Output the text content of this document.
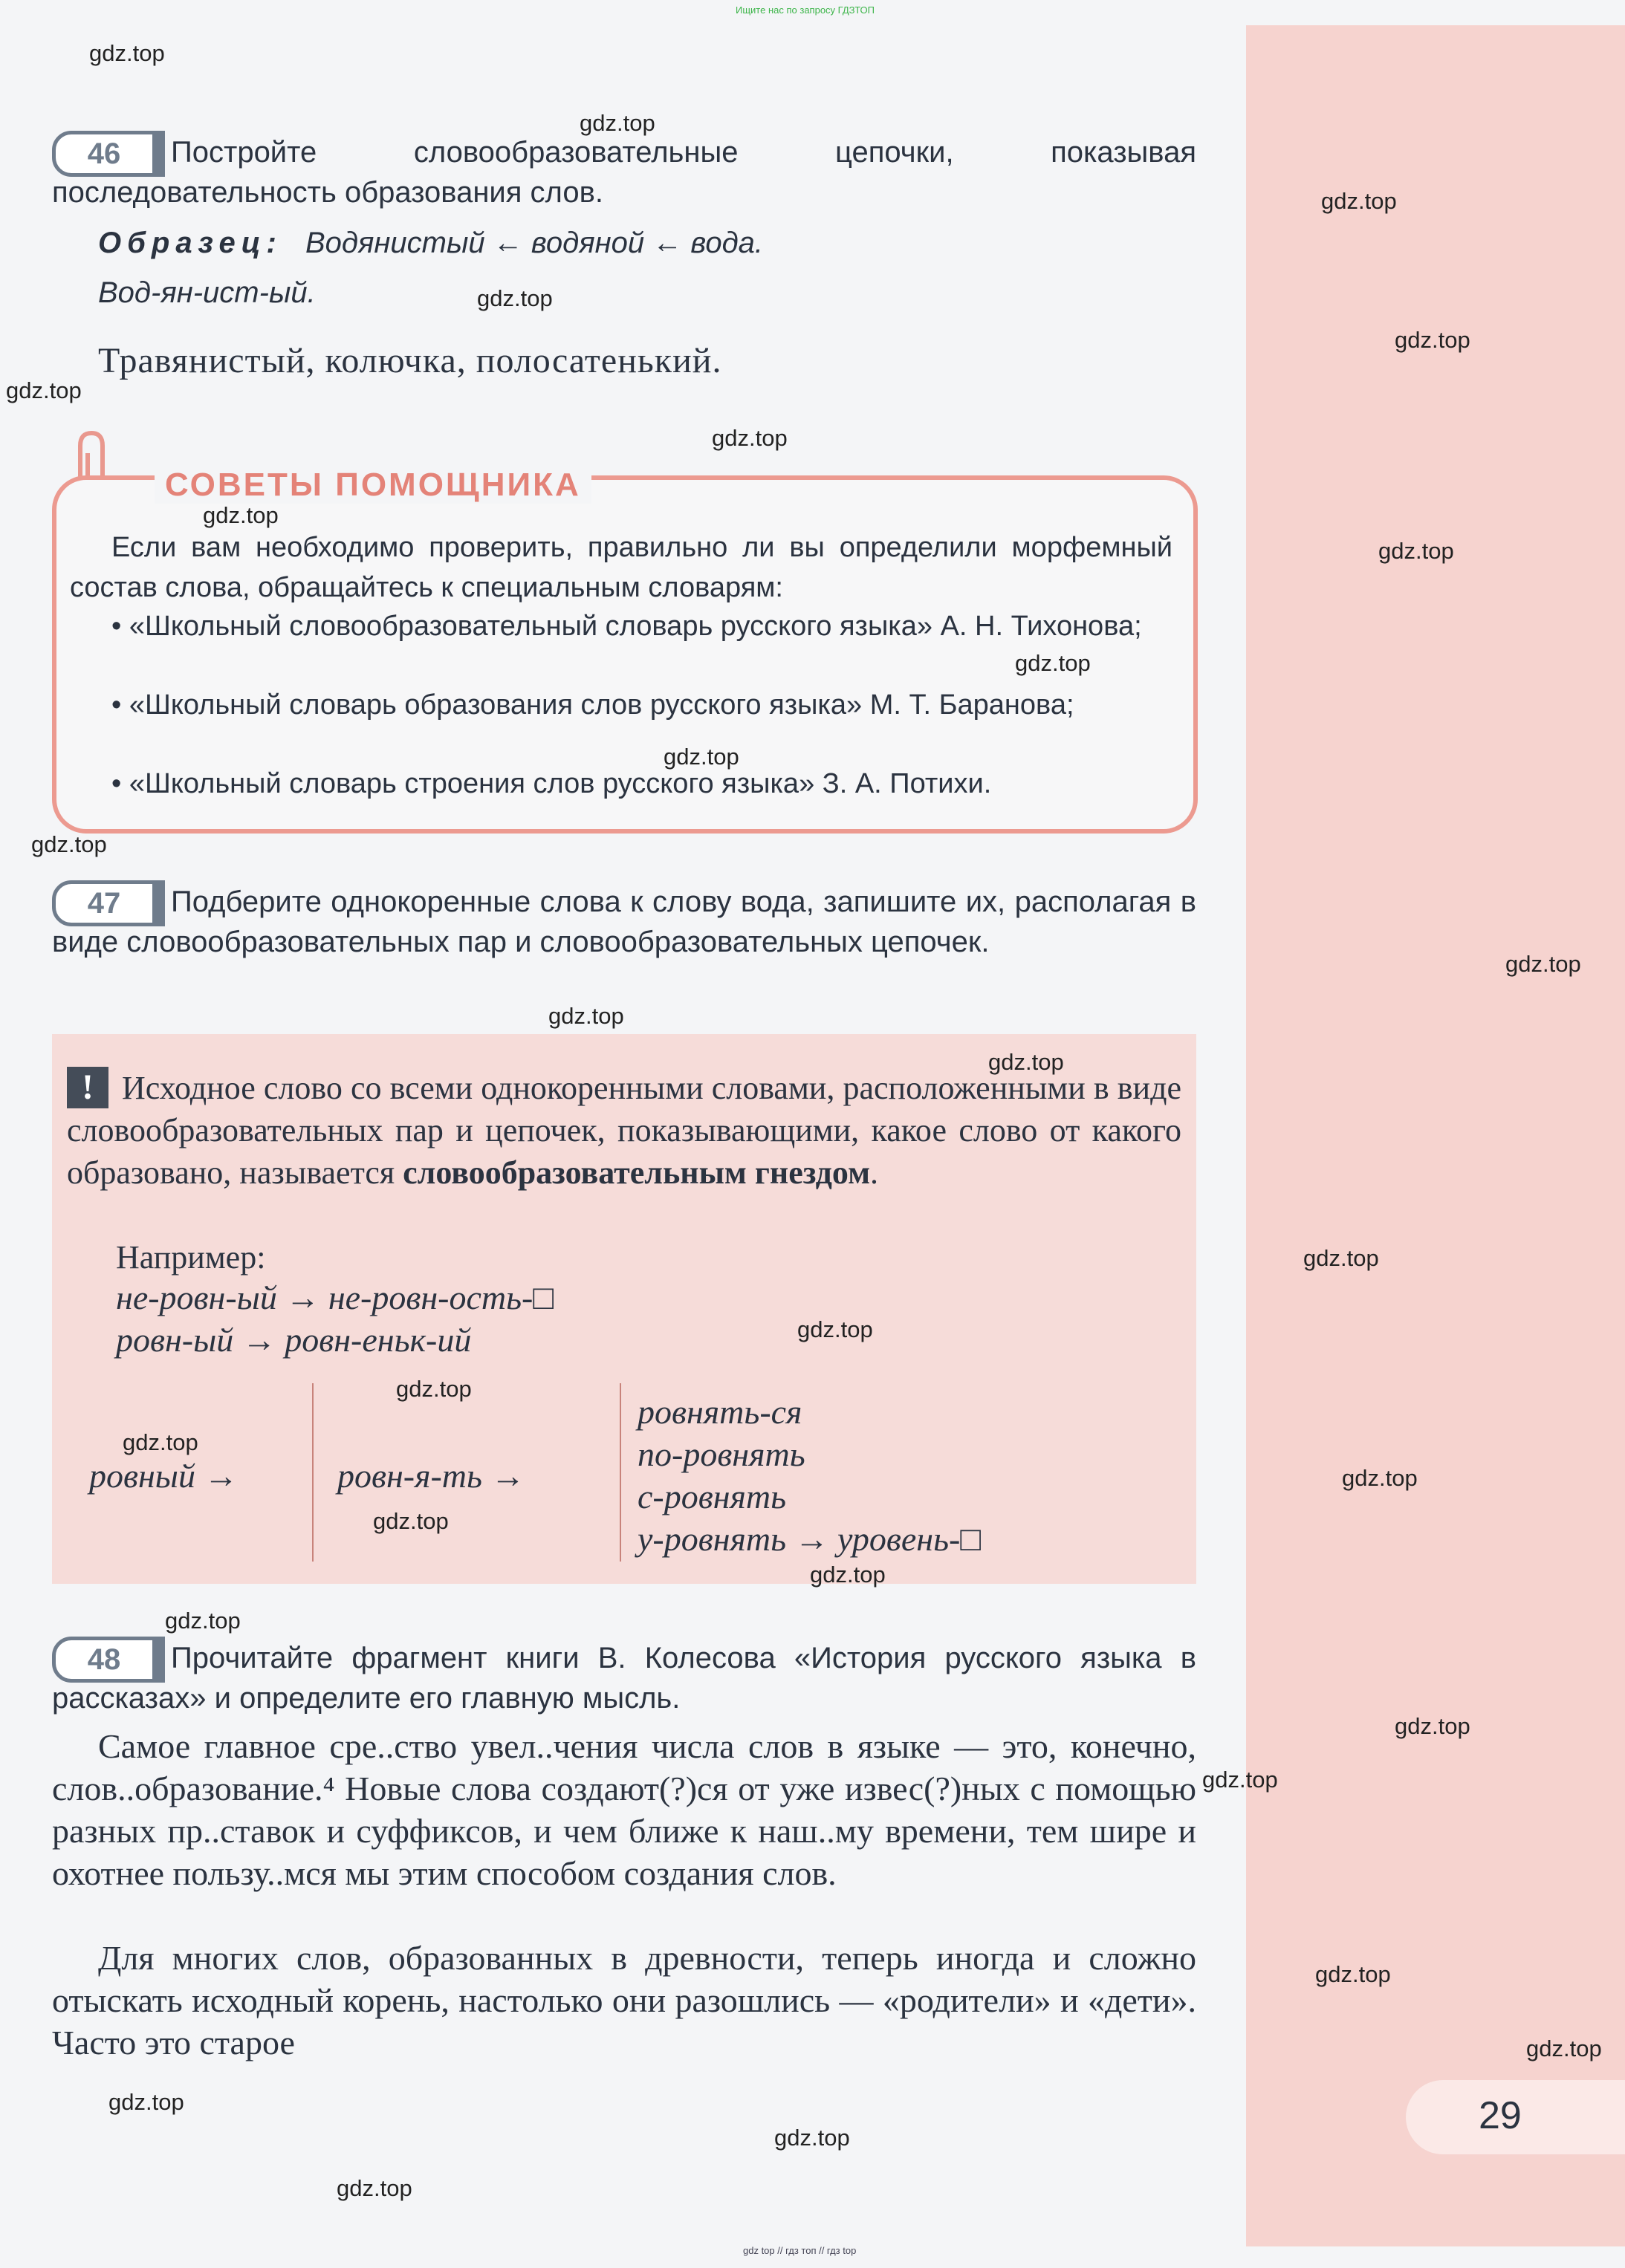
Ищите нас по запросу ГДЗТОП
gdz top // гдз топ // гдз top
29
46	Постройте словообразовательные цепочки, показывая последовательность образования слов.
Образец: Водянистый ← водяной ← вода.
Вод-ян-ист-ый.
Травянистый, колючка, полосатенький.
СОВЕТЫ ПОМОЩНИКА
Если вам необходимо проверить, правильно ли вы определили морфемный состав слова, обращайтесь к специальным словарям:
• «Школьный словообразовательный словарь русского языка» А. Н. Тихонова;
• «Школьный словарь образования слов русского языка» М. Т. Баранова;
• «Школьный словарь строения слов русского языка» З. А. Потихи.
47	Подберите однокоренные слова к слову вода, запишите их, располагая в виде словообразовательных пар и словообразовательных цепочек.
! Исходное слово со всеми однокоренными словами, расположенными в виде словообразовательных пар и цепочек, показывающими, какое слово от какого образовано, называется словообразовательным гнездом.
Например:
не-ровн-ый → не-ровн-ость-□
ровн-ый → ровн-еньк-ий
ровный →	ровн-я-ть →
ровнять-ся
по-ровнять
с-ровнять
у-ровнять → уровень-□
48	Прочитайте фрагмент книги В. Колесова «История русского языка в рассказах» и определите его главную мысль.
Самое главное сре..ство увел..чения числа слов в языке — это, конечно, слов..образование.⁴ Новые слова создают(?)ся от уже извес(?)ных с помощью разных пр..ставок и суффиксов, и чем ближе к наш..му времени, тем шире и охотнее пользу..мся мы этим способом создания слов.
Для многих слов, образованных в древности, теперь иногда и сложно отыскать исходный корень, настолько они разошлись — «родители» и «дети». Часто это старое
gdz.top
gdz.top
gdz.top
gdz.top
gdz.top
gdz.top
gdz.top
gdz.top
gdz.top
gdz.top
gdz.top
gdz.top
gdz.top
gdz.top
gdz.top
gdz.top
gdz.top
gdz.top
gdz.top
gdz.top
gdz.top
gdz.top
gdz.top
gdz.top
gdz.top
gdz.top
gdz.top
gdz.top
gdz.top
gdz.top
